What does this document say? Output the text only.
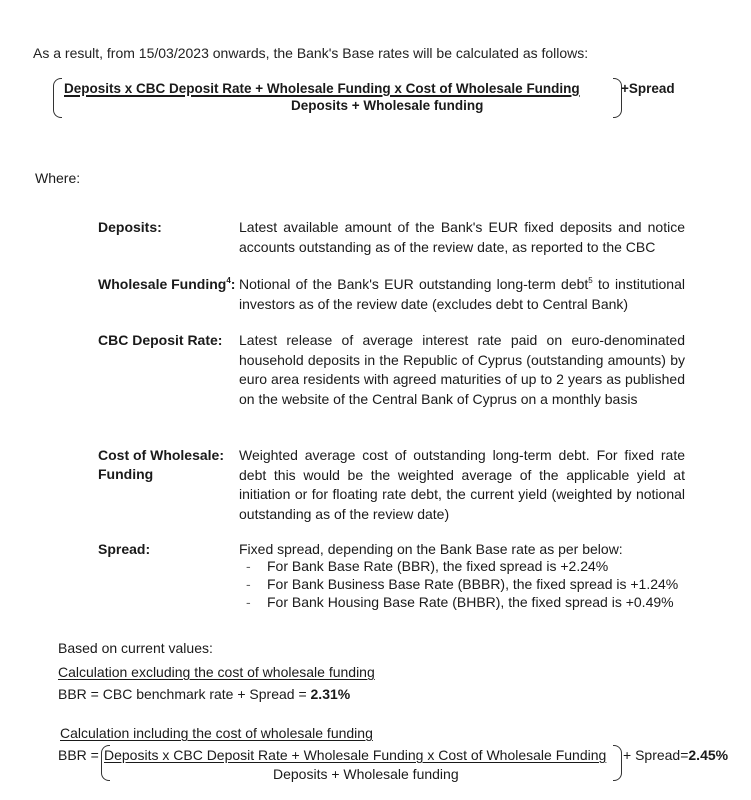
As a result, from 15/03/2023 onwards, the Bank's Base rates will be calculated as follows:
Deposits x CBC Deposit Rate + Wholesale Funding x Cost of Wholesale Funding
Deposits + Wholesale funding
+Spread
Where:
Deposits:	Latest available amount of the Bank's EUR fixed deposits and notice accounts outstanding as of the review date, as reported to the CBC
Wholesale Funding$^4$: Notional of the Bank's EUR outstanding long-term debt$^5$ to institutional investors as of the review date (excludes debt to Central Bank)
CBC Deposit Rate: Latest release of average interest rate paid on euro-denominated household deposits in the Republic of Cyprus (outstanding amounts) by euro area residents with agreed maturities of up to 2 years as published on the website of the Central Bank of Cyprus on a monthly basis
Cost of Wholesale:
Funding
Weighted average cost of outstanding long-term debt. For fixed rate debt this would be the weighted average of the applicable yield at initiation or for floating rate debt, the current yield (weighted by notional outstanding as of the review date)
Spread:	Fixed spread, depending on the Bank Base rate as per below:
- For Bank Base Rate (BBR), the fixed spread is +2.24%
- For Bank Business Base Rate (BBBR), the fixed spread is +1.24%
- For Bank Housing Base Rate (BHBR), the fixed spread is +0.49%
Based on current values:
Calculation excluding the cost of wholesale funding
BBR = CBC benchmark rate + Spread = 2.31%
Calculation including the cost of wholesale funding
BBR = Deposits x CBC Deposit Rate + Wholesale Funding x Cost of Wholesale Funding
Deposits + Wholesale funding
+ Spread=2.45%
